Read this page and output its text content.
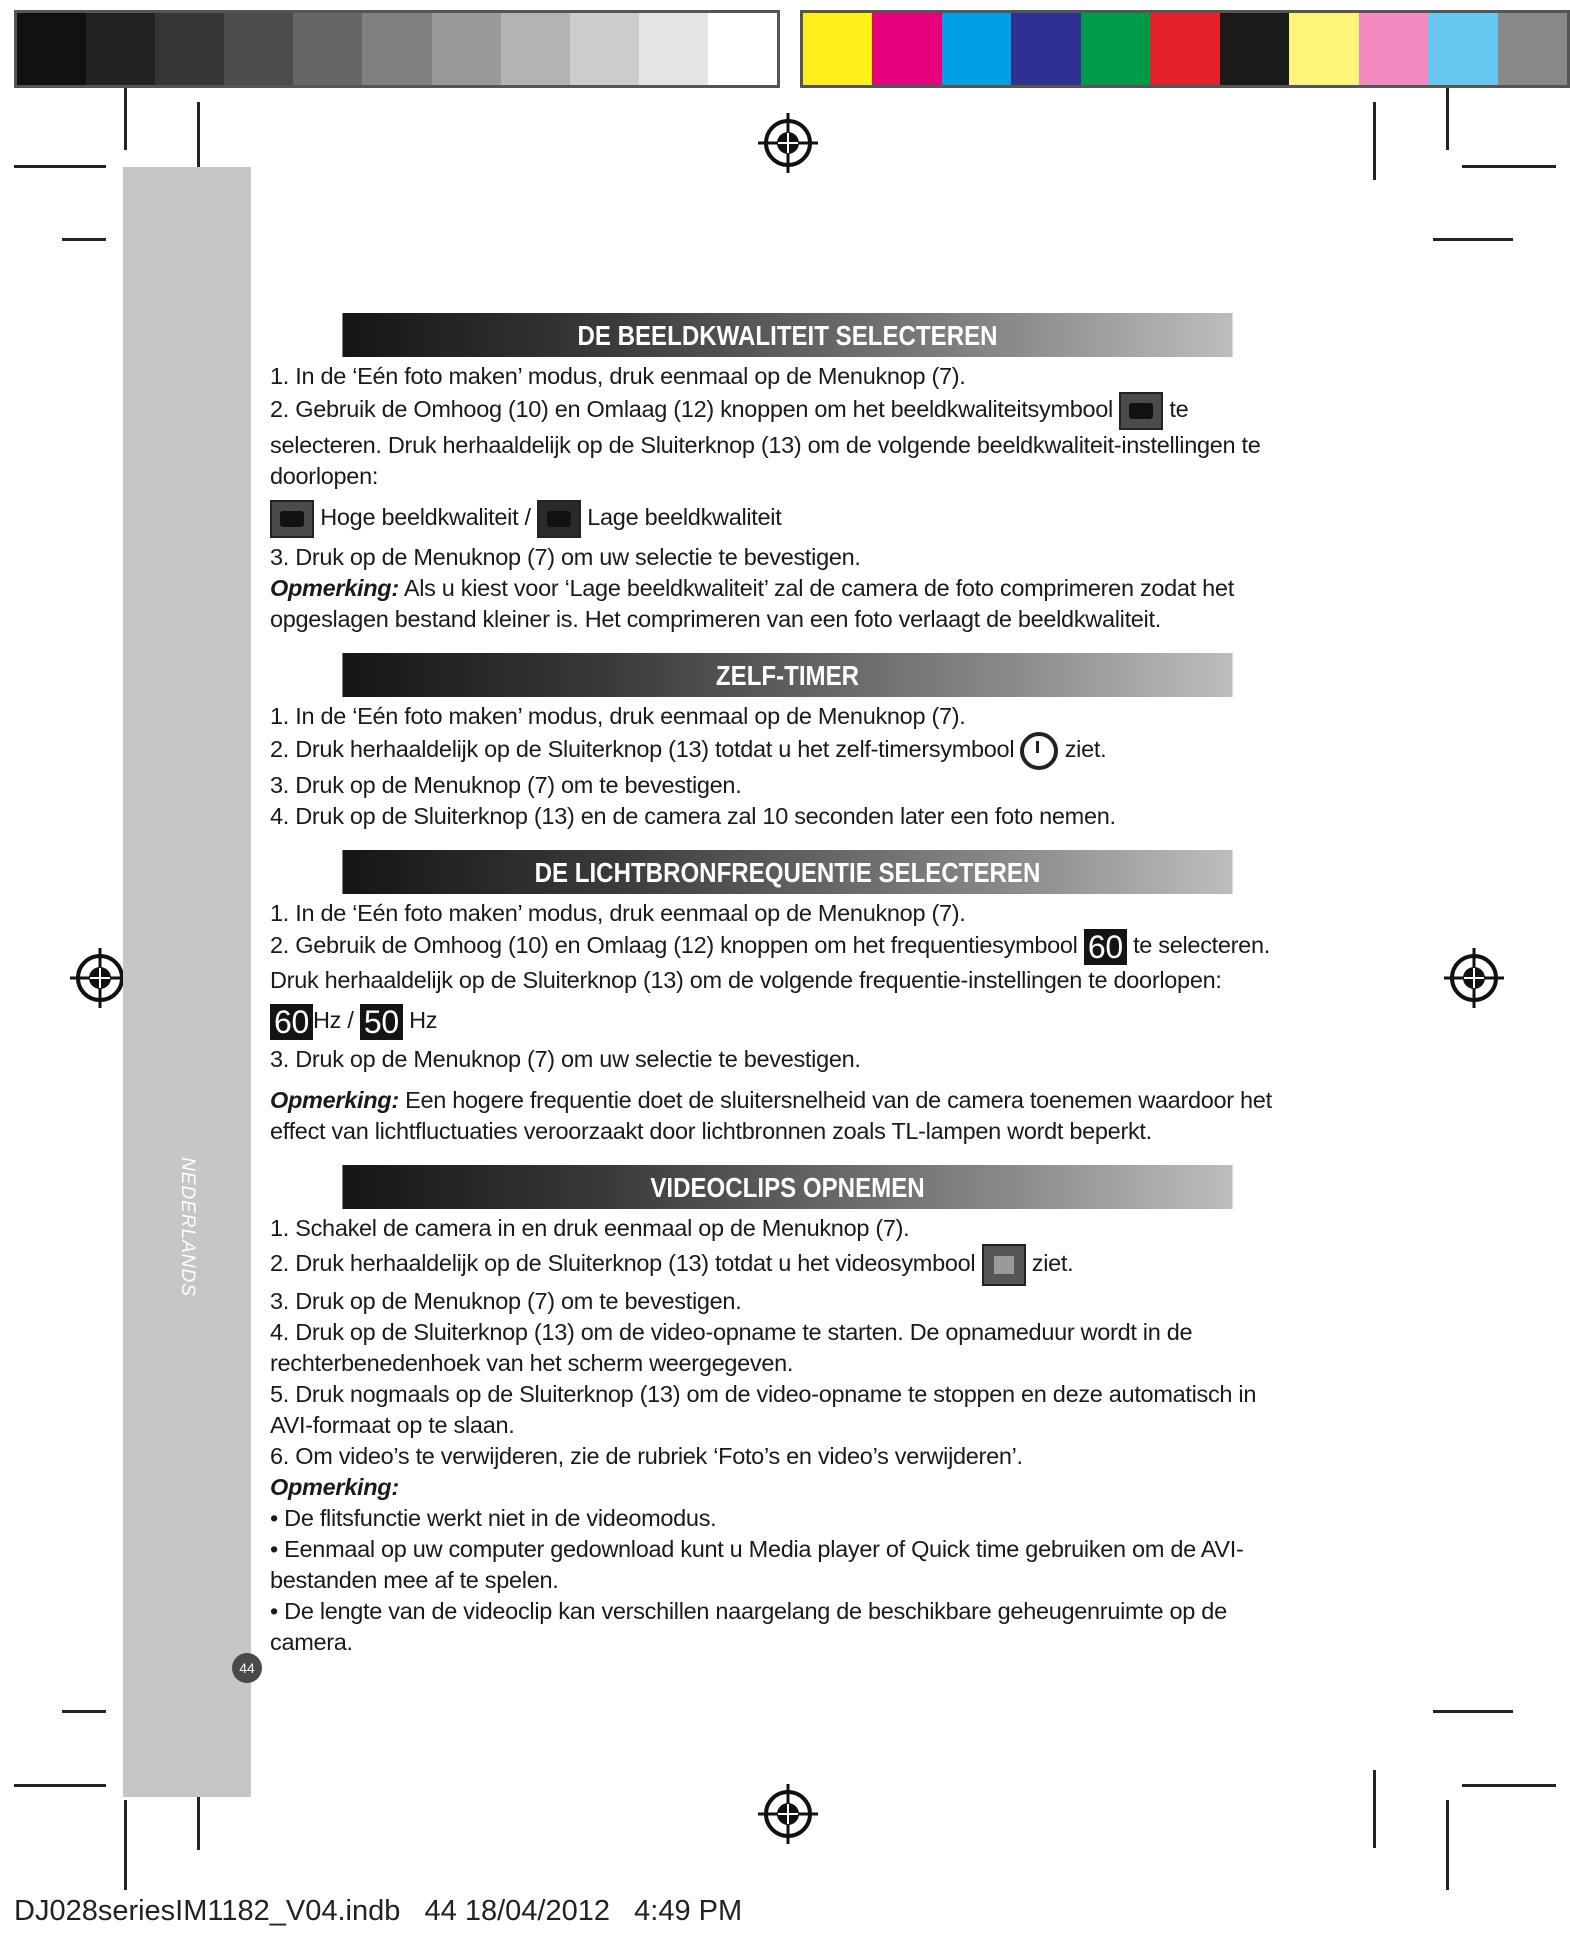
NEDERLANDS
44
DE BEELDKWALITEIT SELECTEREN
1. In de ‘Eén foto maken’ modus, druk eenmaal op de Menuknop (7).
2. Gebruik de Omhoog (10) en Omlaag (12) knoppen om het beeldkwaliteitsymbool te
selecteren. Druk herhaaldelijk op de Sluiterknop (13) om de volgende beeldkwaliteit-instellingen te
doorlopen:
Hoge beeldkwaliteit / Lage beeldkwaliteit
3. Druk op de Menuknop (7) om uw selectie te bevestigen.
Opmerking: Als u kiest voor ‘Lage beeldkwaliteit’ zal de camera de foto comprimeren zodat het
opgeslagen bestand kleiner is. Het comprimeren van een foto verlaagt de beeldkwaliteit.
ZELF-TIMER
1. In de ‘Eén foto maken’ modus, druk eenmaal op de Menuknop (7).
2. Druk herhaaldelijk op de Sluiterknop (13) totdat u het zelf-timersymbool ziet.
3. Druk op de Menuknop (7) om te bevestigen.
4. Druk op de Sluiterknop (13) en de camera zal 10 seconden later een foto nemen.
DE LICHTBRONFREQUENTIE SELECTEREN
1. In de ‘Eén foto maken’ modus, druk eenmaal op de Menuknop (7).
2. Gebruik de Omhoog (10) en Omlaag (12) knoppen om het frequentiesymbool 60 te selecteren.
Druk herhaaldelijk op de Sluiterknop (13) om de volgende frequentie-instellingen te doorlopen:
60 Hz / 50 Hz
3. Druk op de Menuknop (7) om uw selectie te bevestigen.
Opmerking: Een hogere frequentie doet de sluitersnelheid van de camera toenemen waardoor het
effect van lichtfluctuaties veroorzaakt door lichtbronnen zoals TL-lampen wordt beperkt.
VIDEOCLIPS OPNEMEN
1. Schakel de camera in en druk eenmaal op de Menuknop (7).
2. Druk herhaaldelijk op de Sluiterknop (13) totdat u het videosymbool ziet.
3. Druk op de Menuknop (7) om te bevestigen.
4. Druk op de Sluiterknop (13) om de video-opname te starten. De opnameduur wordt in de
rechterbenedenhoek van het scherm weergegeven.
5. Druk nogmaals op de Sluiterknop (13) om de video-opname te stoppen en deze automatisch in
AVI-formaat op te slaan.
6. Om video’s te verwijderen, zie de rubriek ‘Foto’s en video’s verwijderen’.
Opmerking:
• De flitsfunctie werkt niet in de videomodus.
• Eenmaal op uw computer gedownload kunt u Media player of Quick time gebruiken om de AVI-
bestanden mee af te spelen.
• De lengte van de videoclip kan verschillen naargelang de beschikbare geheugenruimte op de
camera.
DJ028seriesIM1182_V04.indb   44 18/04/2012   4:49 PM
